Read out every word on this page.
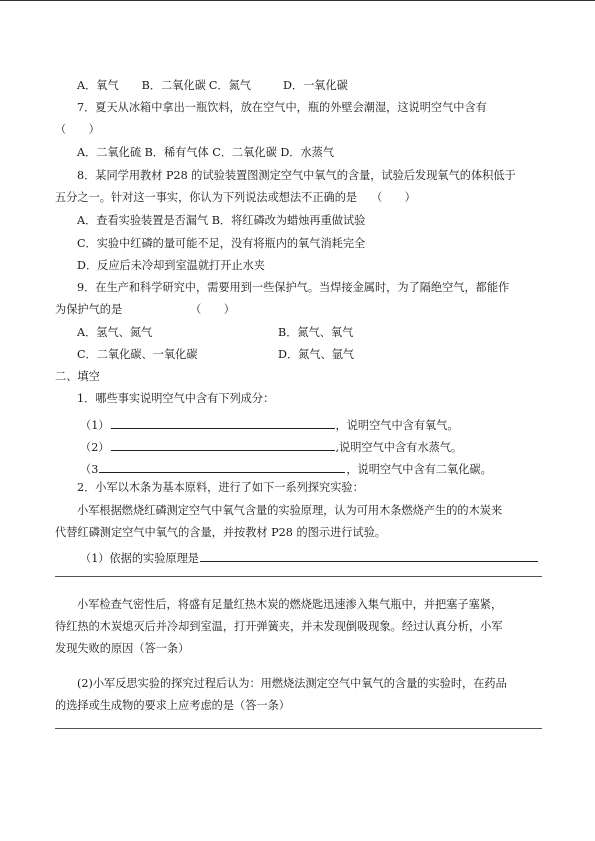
A．氧气 B．二氧化碳 C．氮气	D．一氧化碳
7．夏天从冰箱中拿出一瓶饮料，放在空气中，瓶的外壁会潮湿，这说明空气中含有
（　　）
A．二氧化硫 B．稀有气体 C．二氧化碳 D．水蒸气
8．某同学用教材 P28 的试验装置图测定空气中氧气的含量，试验后发现氧气的体积低于
五分之一。针对这一事实，你认为下列说法或想法不正确的是 （　　）
A．查看实验装置是否漏气 B．将红磷改为蜡烛再重做试验
C．实验中红磷的量可能不足，没有将瓶内的氧气消耗完全
D．反应后未冷却到室温就打开止水夹
9．在生产和科学研究中，需要用到一些保护气。当焊接金属时，为了隔绝空气，都能作
为保护气的是	（　　）
A．氢气、氮气	B．氮气、氧气
C．二氧化碳、一氧化碳	D．氮气、氩气
二、填空
1．哪些事实说明空气中含有下列成分：
（1）	，说明空气中含有氧气。
（2）	,说明空气中含有水蒸气。
（3	，说明空气中含有二氧化碳。
2．小军以木条为基本原料，进行了如下一系列探究实验：
小军根据燃烧红磷测定空气中氧气含量的实验原理，认为可用木条燃烧产生的的木炭来
代替红磷测定空气中氧气的含量，并按教材 P28 的图示进行试验。
（1）依据的实验原理是
小军检查气密性后，将盛有足量红热木炭的燃烧匙迅速渗入集气瓶中，并把塞子塞紧，
待红热的木炭熄灭后并冷却到室温，打开弹簧夹，并未发现倒吸现象。经过认真分析，小军
发现失败的原因（答一条）
(2)小军反思实验的探究过程后认为：用燃烧法测定空气中氧气的含量的实验时，在药品
的选择或生成物的要求上应考虑的是（答一条）
